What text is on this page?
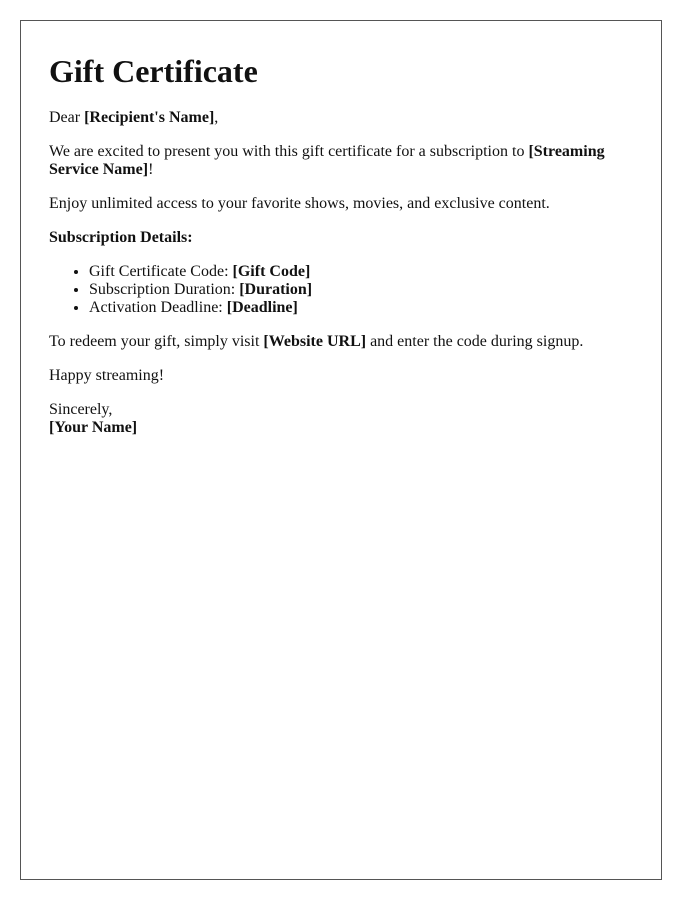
Gift Certificate

Dear [Recipient's Name],

We are excited to present you with this gift certificate for a subscription to [Streaming Service Name]!

Enjoy unlimited access to your favorite shows, movies, and exclusive content.

Subscription Details:

• Gift Certificate Code: [Gift Code]
• Subscription Duration: [Duration]
• Activation Deadline: [Deadline]

To redeem your gift, simply visit [Website URL] and enter the code during signup.

Happy streaming!

Sincerely,
[Your Name]
